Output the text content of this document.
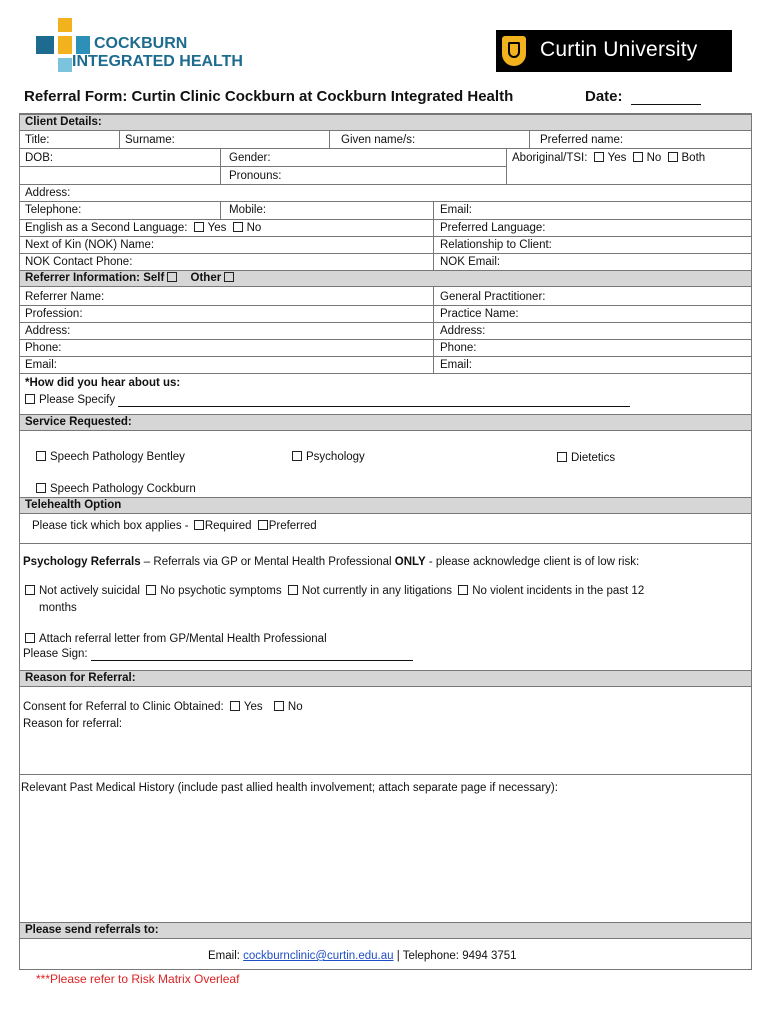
COCKBURN
INTEGRATED HEALTH
Curtin University
Referral Form: Curtin Clinic Cockburn at Cockburn Integrated Health	Date:
Client Details:
Title:	Surname:	Given name/s:	Preferred name:
DOB:	Gender:	Aboriginal/TSI: Yes No Both
Pronouns:
Address:
Telephone:	Mobile:	Email:
English as a Second Language: Yes No	Preferred Language:
Next of Kin (NOK) Name:	Relationship to Client:
NOK Contact Phone:	NOK Email:
Referrer Information: Self Other
Referrer Name:	General Practitioner:
Profession:	Practice Name:
Address:	Address:
Phone:	Phone:
Email:	Email:
*How did you hear about us:
Please Specify
Service Requested:
Speech Pathology Bentley	Psychology	Dietetics
Speech Pathology Cockburn
Telehealth Option
Please tick which box applies - Required Preferred
Psychology Referrals – Referrals via GP or Mental Health Professional ONLY - please acknowledge client is of low risk:
Not actively suicidal No psychotic symptoms Not currently in any litigations No violent incidents in the past 12
months
Attach referral letter from GP/Mental Health Professional
Please Sign:
Reason for Referral:
Consent for Referral to Clinic Obtained: Yes No
Reason for referral:
Relevant Past Medical History (include past allied health involvement; attach separate page if necessary):
Please send referrals to:
Email: cockburnclinic@curtin.edu.au | Telephone: 9494 3751
***Please refer to Risk Matrix Overleaf
